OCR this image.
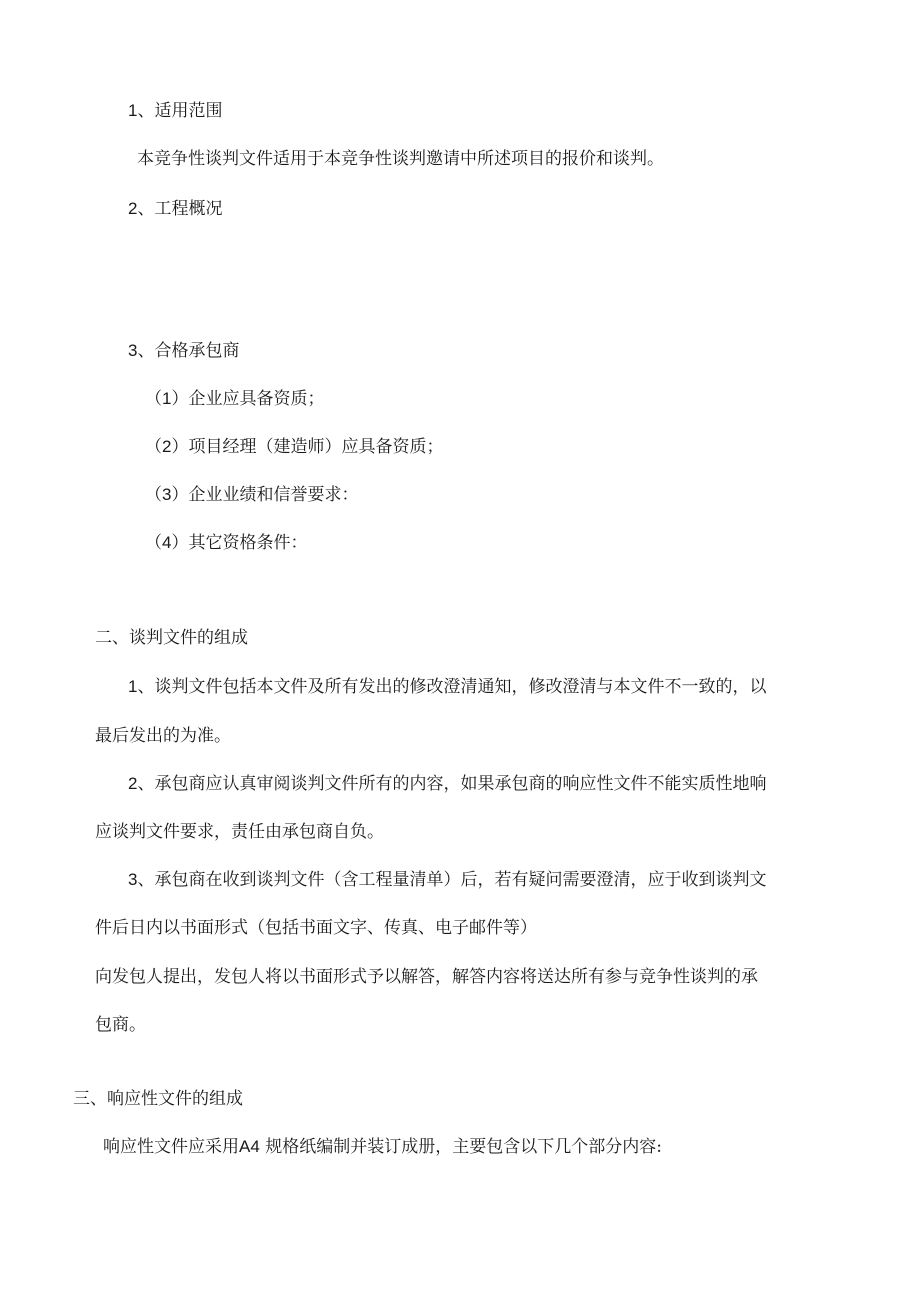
1、适用范围
本竞争性谈判文件适用于本竞争性谈判邀请中所述项目的报价和谈判。
2、工程概况
3、合格承包商
（1）企业应具备资质；
（2）项目经理（建造师）应具备资质；
（3）企业业绩和信誉要求：
（4）其它资格条件：
二、谈判文件的组成
1、谈判文件包括本文件及所有发出的修改澄清通知，修改澄清与本文件不一致的，以
最后发出的为准。
2、承包商应认真审阅谈判文件所有的内容，如果承包商的响应性文件不能实质性地响
应谈判文件要求，责任由承包商自负。
3、承包商在收到谈判文件（含工程量清单）后，若有疑问需要澄清，应于收到谈判文
件后日内以书面形式（包括书面文字、传真、电子邮件等）
向发包人提出，发包人将以书面形式予以解答，解答内容将送达所有参与竞争性谈判的承
包商。
三、响应性文件的组成
响应性文件应采用A4 规格纸编制并装订成册，主要包含以下几个部分内容:
